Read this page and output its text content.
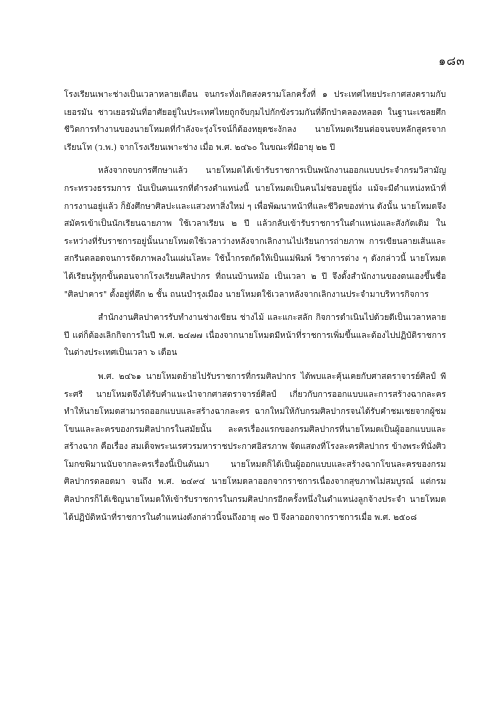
๑๘๓

โรงเรียนเพาะช่างเป็นเวลาหลายเดือน จนกระทั่งเกิดสงครามโลกครั้งที่ ๑ ประเทศไทยประกาศสงครามกับเยอรมัน ชาวเยอรมันที่อาศัยอยู่ในประเทศไทยถูกจับกุมไปกักขังรวมกันที่ตึกป่าคลองหลอด ในฐานะเชลยศึก ชีวิตการทำงานของนายโหมดที่กำลังจะรุ่งโรจน์ก็ต้องหยุดชะงักลง นายโหมดเรียนต่อจนจบหลักสูตรจากเรียนโท (ว.พ.) จากโรงเรียนเพาะช่าง เมื่อ พ.ศ. ๒๔๖๐ ในขณะที่มีอายุ ๒๒ ปี

หลังจากจบการศึกษาแล้ว นายโหมดได้เข้ารับราชการเป็นพนักงานออกแบบประจำกรมวิสามัญ กระทรวงธรรมการ นับเป็นคนแรกที่ดำรงตำแหน่งนี้ นายโหมดเป็นคนไม่ชอบอยู่นิ่ง แม้จะมีตำแหน่งหน้าที่การงานอยู่แล้ว ก็ยังศึกษาศิลปะและแสวงหาสิ่งใหม่ ๆ เพื่อพัฒนาหน้าที่และชีวิตของท่าน ดังนั้น นายโหมดจึงสมัครเข้าเป็นนักเรียนฉายภาพ ใช้เวลาเรียน ๒ ปี แล้วกลับเข้ารับราชการในตำแหน่งและสังกัดเดิม ในระหว่างที่รับราชการอยู่นั้นนายโหมดใช้เวลาว่างหลังจากเลิกงานไปเรียนการถ่ายภาพ การเขียนลายเส้นและสกรีนตลอดจนการจัดภาพลงในแผ่นโลหะ ใช้น้ำกรดกัดให้เป็นแม่พิมพ์ วิชาการต่าง ๆ ดังกล่าวนี้ นายโหมดได้เรียนรู้ทุกขั้นตอนจากโรงเรียนศิลปากร ที่ถนนบ้านหม้อ เป็นเวลา ๒ ปี จึงตั้งสำนักงานของตนเองขึ้นชื่อ "ศิลปาคาร" ตั้งอยู่ที่ตึก ๒ ชั้น ถนนบำรุงเมือง นายโหมดใช้เวลาหลังจากเลิกงานประจำมาบริหารกิจการ

สำนักงานศิลปาคารรับทำงานช่างเขียน ช่างไม้ และแกะสลัก กิจการดำเนินไปด้วยดีเป็นเวลาหลายปี แต่ก็ต้องเลิกกิจการในปี พ.ศ. ๒๔๗๗ เนื่องจากนายโหมดมีหน้าที่ราชการเพิ่มขึ้นและต้องไปปฏิบัติราชการในต่างประเทศเป็นเวลา ๖ เดือน

พ.ศ. ๒๔๖๑ นายโหมดย้ายไปรับราชการที่กรมศิลปากร ได้พบและคุ้นเคยกับศาสตราจารย์ศิลป์ พีระศรี นายโหมดจึงได้รับคำแนะนำจากศาสตราจารย์ศิลป์ เกี่ยวกับการออกแบบและการสร้างฉากละคร ทำให้นายโหมดสามารถออกแบบและสร้างฉากละคร ฉากใหม่ให้กับกรมศิลปากรจนได้รับคำชมเชยจากผู้ชมโขนและละครของกรมศิลปากรในสมัยนั้น ละครเรื่องแรกของกรมศิลปากรที่นายโหมดเป็นผู้ออกแบบและสร้างฉาก คือเรื่อง สมเด็จพระนเรศวรมหาราชประกาศอิสรภาพ จัดแสดงที่โรงละครศิลปากร ข้างพระที่นั่งศิวโมกขพิมานนับจากละครเรื่องนี้เป็นต้นมา นายโหมดก็ได้เป็นผู้ออกแบบและสร้างฉากโขนละครของกรมศิลปากรตลอดมา จนถึง พ.ศ. ๒๔๙๔ นายโหมดลาออกจากราชการเนื่องจากสุขภาพไม่สมบูรณ์ แต่กรมศิลปากรก็ได้เชิญนายโหมดให้เข้ารับราชการในกรมศิลปากรอีกครั้งหนึ่งในตำแหน่งลูกจ้างประจำ นายโหมดได้ปฏิบัติหน้าที่ราชการในตำแหน่งดังกล่าวนี้จนถึงอายุ ๗๐ ปี จึงลาออกจากราชการเมื่อ พ.ศ. ๒๕๐๘
